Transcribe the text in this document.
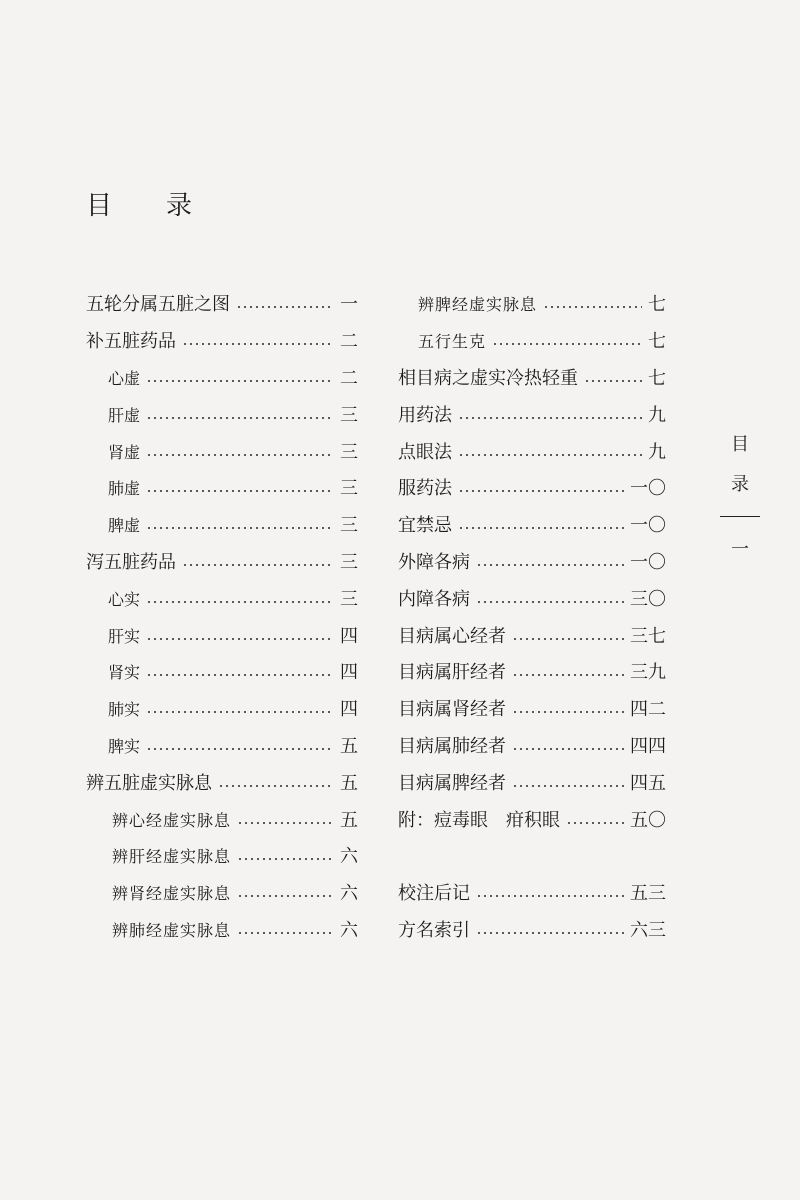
目　录
五轮分属五脏之图	一
补五脏药品	二
心虚	二
肝虚	三
肾虚	三
肺虚	三
脾虚	三
泻五脏药品	三
心实	三
肝实	四
肾实	四
肺实	四
脾实	五
辨五脏虚实脉息	五
辨心经虚实脉息	五
辨肝经虚实脉息	六
辨肾经虚实脉息	六
辨肺经虚实脉息	六
辨脾经虚实脉息	七
五行生克	七
相目病之虚实冷热轻重	七
用药法	九
点眼法	九
服药法	一〇
宜禁忌	一〇
外障各病	一〇
内障各病	三〇
目病属心经者	三七
目病属肝经者	三九
目病属肾经者	四二
目病属肺经者	四四
目病属脾经者	四五
附：痘毒眼 疳积眼	五〇
校注后记	五三
方名索引	六三
目
录
一
